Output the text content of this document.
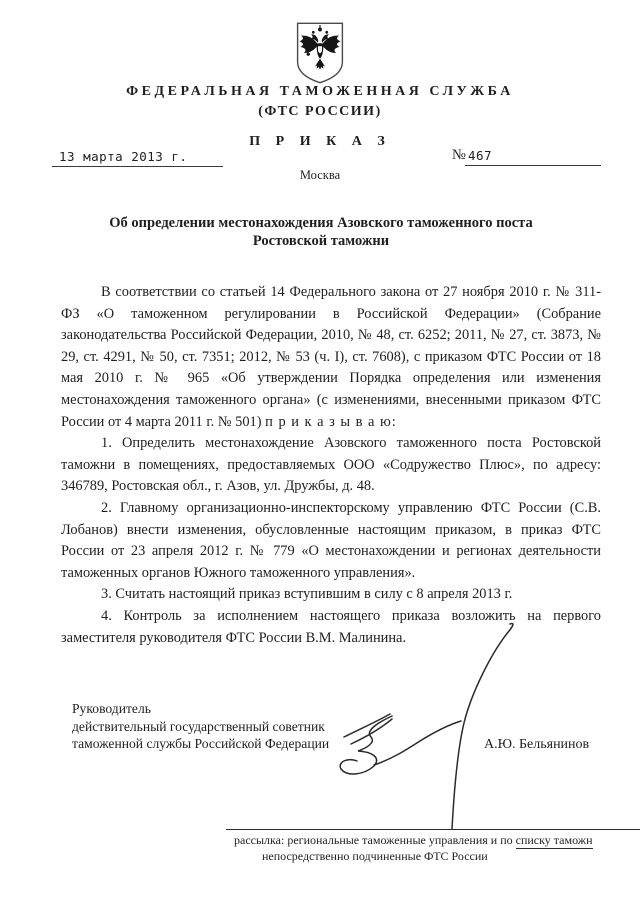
ФЕДЕРАЛЬНАЯ ТАМОЖЕННАЯ СЛУЖБА
(ФТС РОССИИ)
П Р И К А З
13 марта 2013 г.	№ 467
Москва
Об определении местонахождения Азовского таможенного поста Ростовской таможни

В соответствии со статьей 14 Федерального закона от 27 ноября 2010 г. № 311-ФЗ «О таможенном регулировании в Российской Федерации» (Собрание законодательства Российской Федерации, 2010, № 48, ст. 6252; 2011, № 27, ст. 3873, № 29, ст. 4291, № 50, ст. 7351; 2012, № 53 (ч. I), ст. 7608), с приказом ФТС России от 18 мая 2010 г. № 965 «Об утверждении Порядка определения или изменения местонахождения таможенного органа» (с изменениями, внесенными приказом ФТС России от 4 марта 2011 г. № 501) п р и к а з ы в а ю:

1. Определить местонахождение Азовского таможенного поста Ростовской таможни в помещениях, предоставляемых ООО «Содружество Плюс», по адресу: 346789, Ростовская обл., г. Азов, ул. Дружбы, д. 48.

2. Главному организационно-инспекторскому управлению ФТС России (С.В. Лобанов) внести изменения, обусловленные настоящим приказом, в приказ ФТС России от 23 апреля 2012 г. № 779 «О местонахождении и регионах деятельности таможенных органов Южного таможенного управления».

3. Считать настоящий приказ вступившим в силу с 8 апреля 2013 г.

4. Контроль за исполнением настоящего приказа возложить на первого заместителя руководителя ФТС России В.М. Малинина.

Руководитель
действительный государственный советник
таможенной службы Российской Федерации	А.Ю. Бельянинов
рассылка: региональные таможенные управления и по списку таможн
непосредственно подчиненные ФТС России
